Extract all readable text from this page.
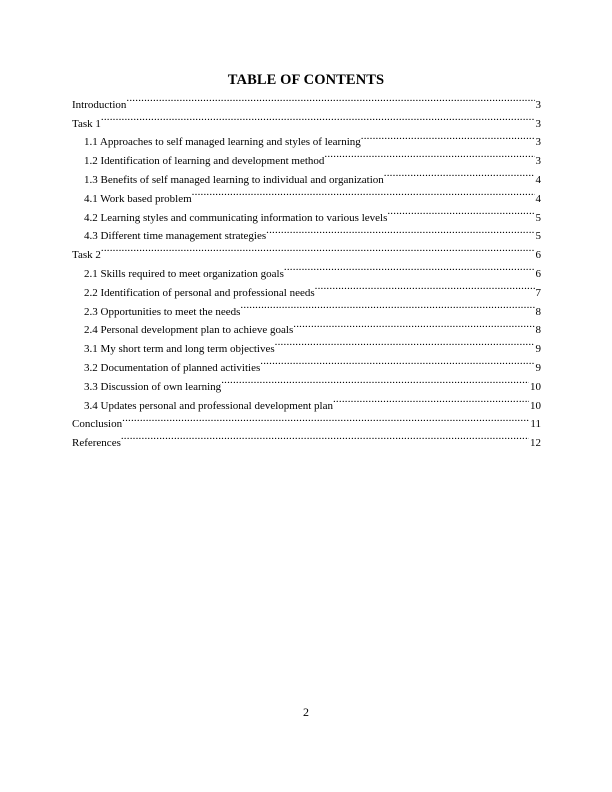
TABLE OF CONTENTS
Introduction .....	3
Task 1 .....	3
1.1 Approaches to self managed learning and styles of learning .....	3
1.2 Identification of learning and development method .....	3
1.3 Benefits of self managed learning to individual and organization .....	4
4.1 Work based problem .....	4
4.2 Learning styles and communicating information to various levels .....	5
4.3 Different time management strategies .....	5
Task 2 .....	6
2.1 Skills required to meet organization goals .....	6
2.2 Identification of personal and professional needs .....	7
2.3 Opportunities to meet the needs .....	8
2.4 Personal development plan to achieve goals .....	8
3.1 My short term and long term objectives .....	9
3.2 Documentation of planned activities .....	9
3.3 Discussion of own learning .....	10
3.4 Updates personal and professional development plan .....	10
Conclusion .....	11
References .....	12
2
